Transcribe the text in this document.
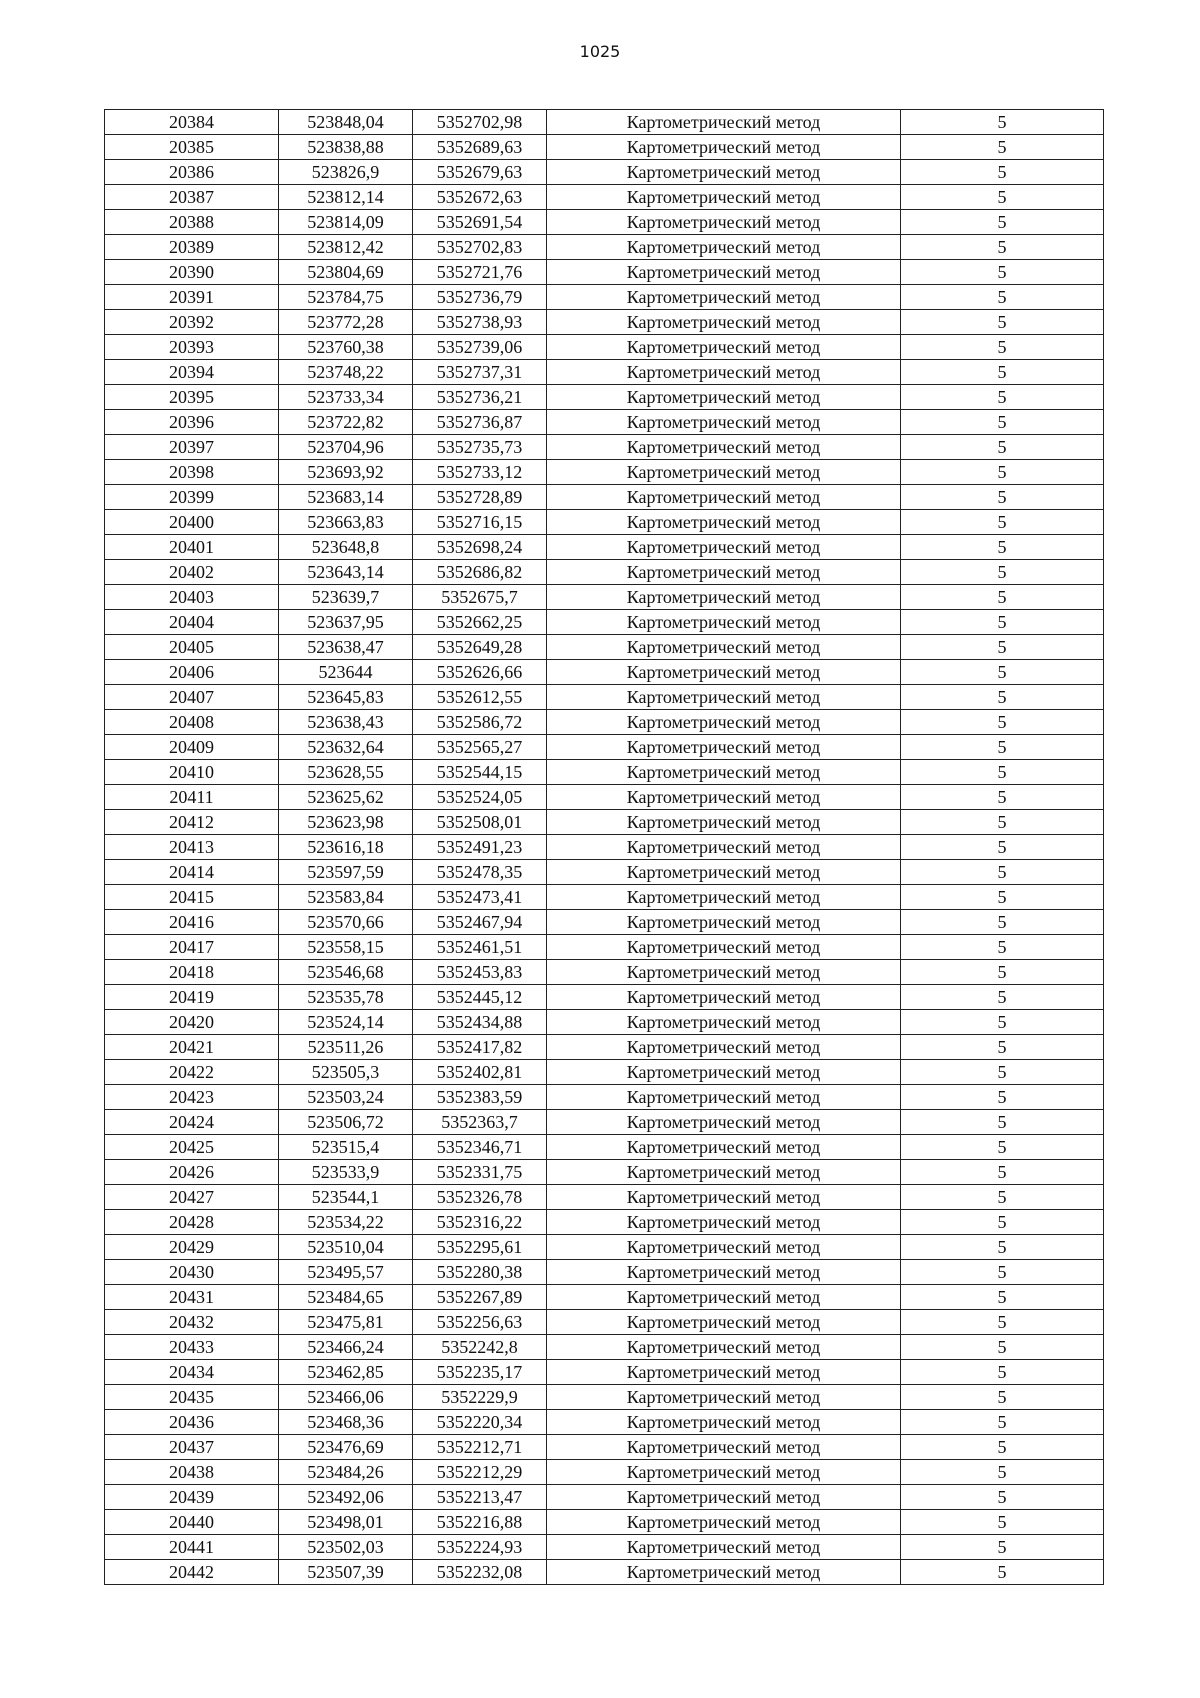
1025
20384	523848,04	5352702,98	Картометрический метод	5
20385	523838,88	5352689,63	Картометрический метод	5
20386	523826,9	5352679,63	Картометрический метод	5
20387	523812,14	5352672,63	Картометрический метод	5
20388	523814,09	5352691,54	Картометрический метод	5
20389	523812,42	5352702,83	Картометрический метод	5
20390	523804,69	5352721,76	Картометрический метод	5
20391	523784,75	5352736,79	Картометрический метод	5
20392	523772,28	5352738,93	Картометрический метод	5
20393	523760,38	5352739,06	Картометрический метод	5
20394	523748,22	5352737,31	Картометрический метод	5
20395	523733,34	5352736,21	Картометрический метод	5
20396	523722,82	5352736,87	Картометрический метод	5
20397	523704,96	5352735,73	Картометрический метод	5
20398	523693,92	5352733,12	Картометрический метод	5
20399	523683,14	5352728,89	Картометрический метод	5
20400	523663,83	5352716,15	Картометрический метод	5
20401	523648,8	5352698,24	Картометрический метод	5
20402	523643,14	5352686,82	Картометрический метод	5
20403	523639,7	5352675,7	Картометрический метод	5
20404	523637,95	5352662,25	Картометрический метод	5
20405	523638,47	5352649,28	Картометрический метод	5
20406	523644	5352626,66	Картометрический метод	5
20407	523645,83	5352612,55	Картометрический метод	5
20408	523638,43	5352586,72	Картометрический метод	5
20409	523632,64	5352565,27	Картометрический метод	5
20410	523628,55	5352544,15	Картометрический метод	5
20411	523625,62	5352524,05	Картометрический метод	5
20412	523623,98	5352508,01	Картометрический метод	5
20413	523616,18	5352491,23	Картометрический метод	5
20414	523597,59	5352478,35	Картометрический метод	5
20415	523583,84	5352473,41	Картометрический метод	5
20416	523570,66	5352467,94	Картометрический метод	5
20417	523558,15	5352461,51	Картометрический метод	5
20418	523546,68	5352453,83	Картометрический метод	5
20419	523535,78	5352445,12	Картометрический метод	5
20420	523524,14	5352434,88	Картометрический метод	5
20421	523511,26	5352417,82	Картометрический метод	5
20422	523505,3	5352402,81	Картометрический метод	5
20423	523503,24	5352383,59	Картометрический метод	5
20424	523506,72	5352363,7	Картометрический метод	5
20425	523515,4	5352346,71	Картометрический метод	5
20426	523533,9	5352331,75	Картометрический метод	5
20427	523544,1	5352326,78	Картометрический метод	5
20428	523534,22	5352316,22	Картометрический метод	5
20429	523510,04	5352295,61	Картометрический метод	5
20430	523495,57	5352280,38	Картометрический метод	5
20431	523484,65	5352267,89	Картометрический метод	5
20432	523475,81	5352256,63	Картометрический метод	5
20433	523466,24	5352242,8	Картометрический метод	5
20434	523462,85	5352235,17	Картометрический метод	5
20435	523466,06	5352229,9	Картометрический метод	5
20436	523468,36	5352220,34	Картометрический метод	5
20437	523476,69	5352212,71	Картометрический метод	5
20438	523484,26	5352212,29	Картометрический метод	5
20439	523492,06	5352213,47	Картометрический метод	5
20440	523498,01	5352216,88	Картометрический метод	5
20441	523502,03	5352224,93	Картометрический метод	5
20442	523507,39	5352232,08	Картометрический метод	5
